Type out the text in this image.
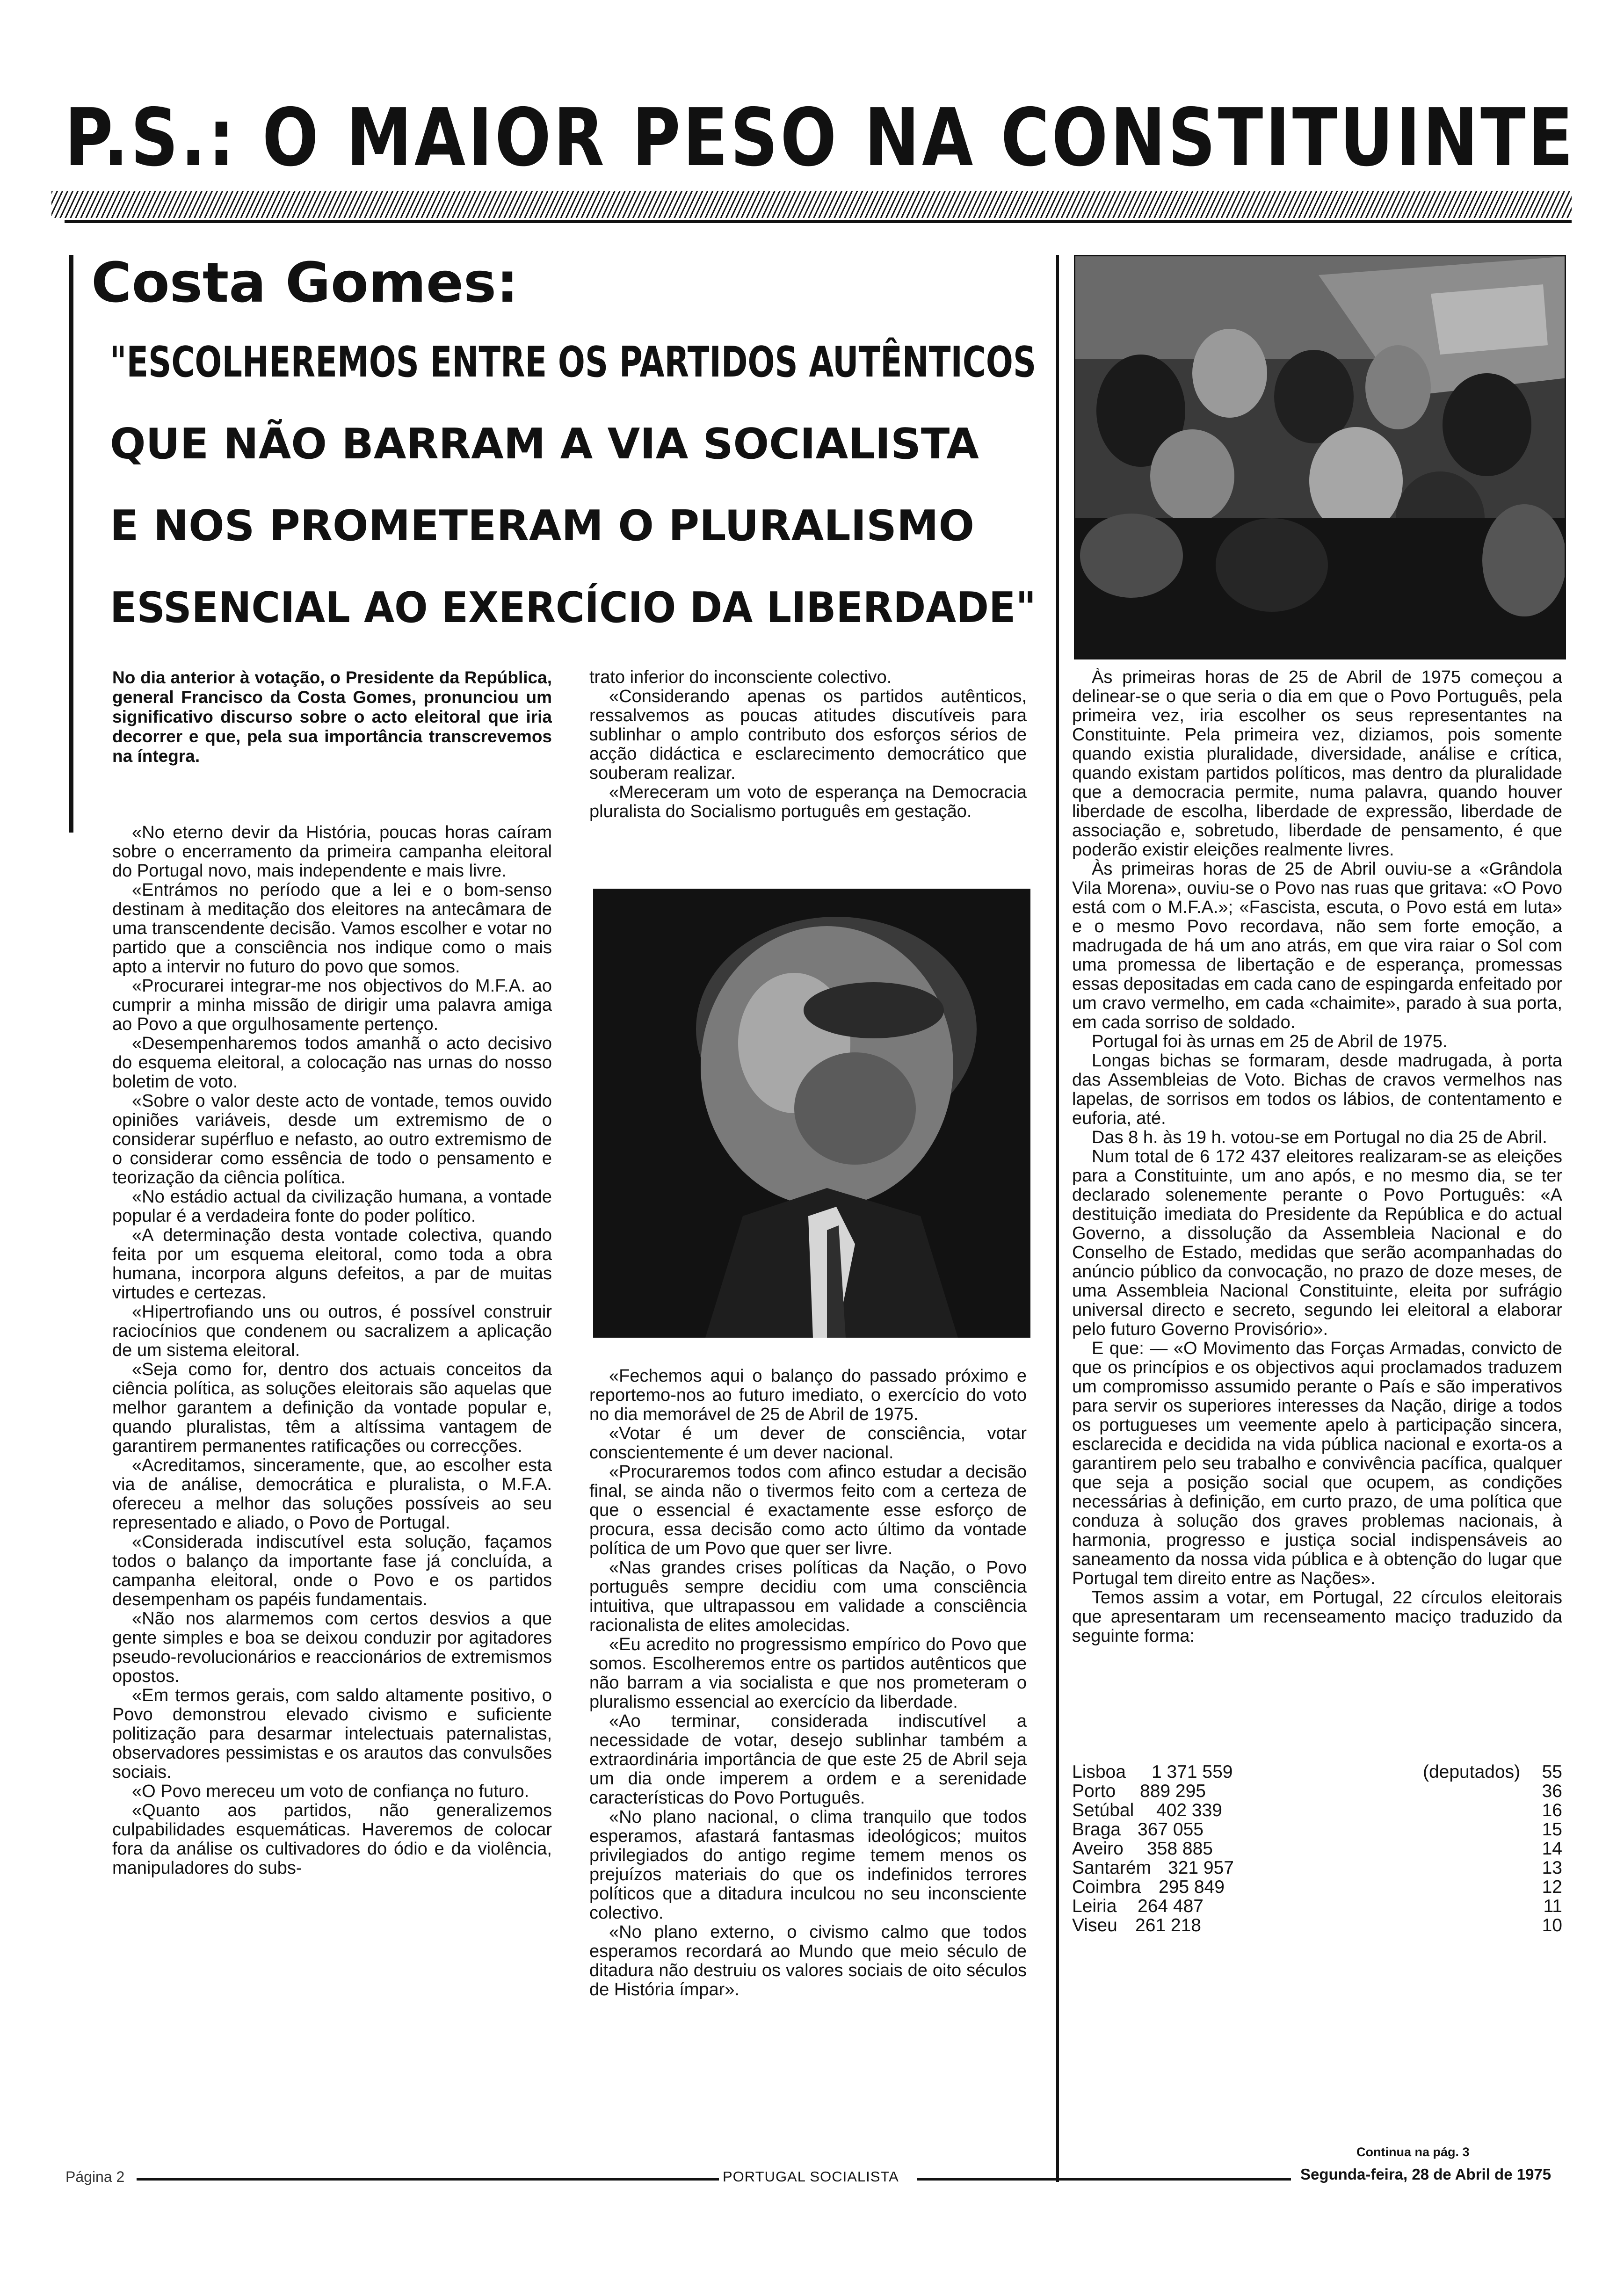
P.S.: O MAIOR PESO NA CONSTITUINTE
Costa Gomes:
"ESCOLHEREMOS ENTRE OS PARTIDOS AUTÊNTICOS
QUE NÃO BARRAM A VIA SOCIALISTA
E NOS PROMETERAM O PLURALISMO
ESSENCIAL AO EXERCÍCIO DA LIBERDADE"

No dia anterior à votação, o Presidente da República, general Francisco da Costa Gomes, pronunciou um significativo discurso sobre o acto eleitoral que iria decorrer e que, pela sua importância transcrevemos na íntegra.

«No eterno devir da História, poucas horas caíram sobre o encerramento da primeira campanha eleitoral do Portugal novo, mais independente e mais livre.

«Entrámos no período que a lei e o bom-senso destinam à meditação dos eleitores na antecâmara de uma transcendente decisão. Vamos escolher e votar no partido que a consciência nos indique como o mais apto a intervir no futuro do povo que somos.

«Procurarei integrar-me nos objectivos do M.F.A. ao cumprir a minha missão de dirigir uma palavra amiga ao Povo a que orgulhosamente pertenço.

«Desempenharemos todos amanhã o acto decisivo do esquema eleitoral, a colocação nas urnas do nosso boletim de voto.

«Sobre o valor deste acto de vontade, temos ouvido opiniões variáveis, desde um extremismo de o considerar supérfluo e nefasto, ao outro extremismo de o considerar como essência de todo o pensamento e teorização da ciência política.

«No estádio actual da civilização humana, a vontade popular é a verdadeira fonte do poder político.

«A determinação desta vontade colectiva, quando feita por um esquema eleitoral, como toda a obra humana, incorpora alguns defeitos, a par de muitas virtudes e certezas.

«Hipertrofiando uns ou outros, é possível construir raciocínios que condenem ou sacralizem a aplicação de um sistema eleitoral.

«Seja como for, dentro dos actuais conceitos da ciência política, as soluções eleitorais são aquelas que melhor garantem a definição da vontade popular e, quando pluralistas, têm a altíssima vantagem de garantirem permanentes ratificações ou correcções.

«Acreditamos, sinceramente, que, ao escolher esta via de análise, democrática e pluralista, o M.F.A. ofereceu a melhor das soluções possíveis ao seu representado e aliado, o Povo de Portugal.

«Considerada indiscutível esta solução, façamos todos o balanço da importante fase já concluída, a campanha eleitoral, onde o Povo e os partidos desempenham os papéis fundamentais.

«Não nos alarmemos com certos desvios a que gente simples e boa se deixou conduzir por agitadores pseudo-revolucionários e reaccionários de extremismos opostos.

«Em termos gerais, com saldo altamente positivo, o Povo demonstrou elevado civismo e suficiente politização para desarmar intelectuais paternalistas, observadores pessimistas e os arautos das convulsões sociais.

«O Povo mereceu um voto de confiança no futuro.

«Quanto aos partidos, não generalizemos culpabilidades esquemáticas. Haveremos de colocar fora da análise os cultivadores do ódio e da violência, manipuladores do subs-

trato inferior do inconsciente colectivo.

«Considerando apenas os partidos autênticos, ressalvemos as poucas atitudes discutíveis para sublinhar o amplo contributo dos esforços sérios de acção didáctica e esclarecimento democrático que souberam realizar.

«Mereceram um voto de esperança na Democracia pluralista do Socialismo português em gestação.

«Fechemos aqui o balanço do passado próximo e reportemo-nos ao futuro imediato, o exercício do voto no dia memorável de 25 de Abril de 1975.

«Votar é um dever de consciência, votar conscientemente é um dever nacional.

«Procuraremos todos com afinco estudar a decisão final, se ainda não o tivermos feito com a certeza de que o essencial é exactamente esse esforço de procura, essa decisão como acto último da vontade política de um Povo que quer ser livre.

«Nas grandes crises políticas da Nação, o Povo português sempre decidiu com uma consciência intuitiva, que ultrapassou em validade a consciência racionalista de elites amolecidas.

«Eu acredito no progressismo empírico do Povo que somos. Escolheremos entre os partidos autênticos que não barram a via socialista e que nos prometeram o pluralismo essencial ao exercício da liberdade.

«Ao terminar, considerada indiscutível a necessidade de votar, desejo sublinhar também a extraordinária importância de que este 25 de Abril seja um dia onde imperem a ordem e a serenidade características do Povo Português.

«No plano nacional, o clima tranquilo que todos esperamos, afastará fantasmas ideológicos; muitos privilegiados do antigo regime temem menos os prejuízos materiais do que os indefinidos terrores políticos que a ditadura inculcou no seu inconsciente colectivo.

«No plano externo, o civismo calmo que todos esperamos recordará ao Mundo que meio século de ditadura não destruiu os valores sociais de oito séculos de História ímpar».

Às primeiras horas de 25 de Abril de 1975 começou a delinear-se o que seria o dia em que o Povo Português, pela primeira vez, iria escolher os seus representantes na Constituinte. Pela primeira vez, diziamos, pois somente quando existia pluralidade, diversidade, análise e crítica, quando existam partidos políticos, mas dentro da pluralidade que a democracia permite, numa palavra, quando houver liberdade de escolha, liberdade de expressão, liberdade de associação e, sobretudo, liberdade de pensamento, é que poderão existir eleições realmente livres.

Às primeiras horas de 25 de Abril ouviu-se a «Grândola Vila Morena», ouviu-se o Povo nas ruas que gritava: «O Povo está com o M.F.A.»; «Fascista, escuta, o Povo está em luta» e o mesmo Povo recordava, não sem forte emoção, a madrugada de há um ano atrás, em que vira raiar o Sol com uma promessa de libertação e de esperança, promessas essas depositadas em cada cano de espingarda enfeitado por um cravo vermelho, em cada «chaimite», parado à sua porta, em cada sorriso de soldado.

Portugal foi às urnas em 25 de Abril de 1975.

Longas bichas se formaram, desde madrugada, à porta das Assembleias de Voto. Bichas de cravos vermelhos nas lapelas, de sorrisos em todos os lábios, de contentamento e euforia, até.

Das 8 h. às 19 h. votou-se em Portugal no dia 25 de Abril.

Num total de 6 172 437 eleitores realizaram-se as eleições para a Constituinte, um ano após, e no mesmo dia, se ter declarado solenemente perante o Povo Português: «A destituição imediata do Presidente da República e do actual Governo, a dissolução da Assembleia Nacional e do Conselho de Estado, medidas que serão acompanhadas do anúncio público da convocação, no prazo de doze meses, de uma Assembleia Nacional Constituinte, eleita por sufrágio universal directo e secreto, segundo lei eleitoral a elaborar pelo futuro Governo Provisório».

E que: — «O Movimento das Forças Armadas, convicto de que os princípios e os objectivos aqui proclamados traduzem um compromisso assumido perante o País e são imperativos para servir os superiores interesses da Nação, dirige a todos os portugueses um veemente apelo à participação sincera, esclarecida e decidida na vida pública nacional e exorta-os a garantirem pelo seu trabalho e convivência pacífica, qualquer que seja a posição social que ocupem, as condições necessárias à definição, em curto prazo, de uma política que conduza à solução dos graves problemas nacionais, à harmonia, progresso e justiça social indispensáveis ao saneamento da nossa vida pública e à obtenção do lugar que Portugal tem direito entre as Nações».

Temos assim a votar, em Portugal, 22 círculos eleitorais que apresentaram um recenseamento maciço traduzido da seguinte forma:

Lisboa 1 371 559	(deputados) 55
Porto 889 295	36
Setúbal 402 339	16
Braga 367 055	15
Aveiro 358 885	14
Santarém 321 957	13
Coimbra 295 849	12
Leiria 264 487	11
Viseu 261 218	10
Continua na pág. 3
Página 2	PORTUGAL SOCIALISTA	Segunda-feira, 28 de Abril de 1975
